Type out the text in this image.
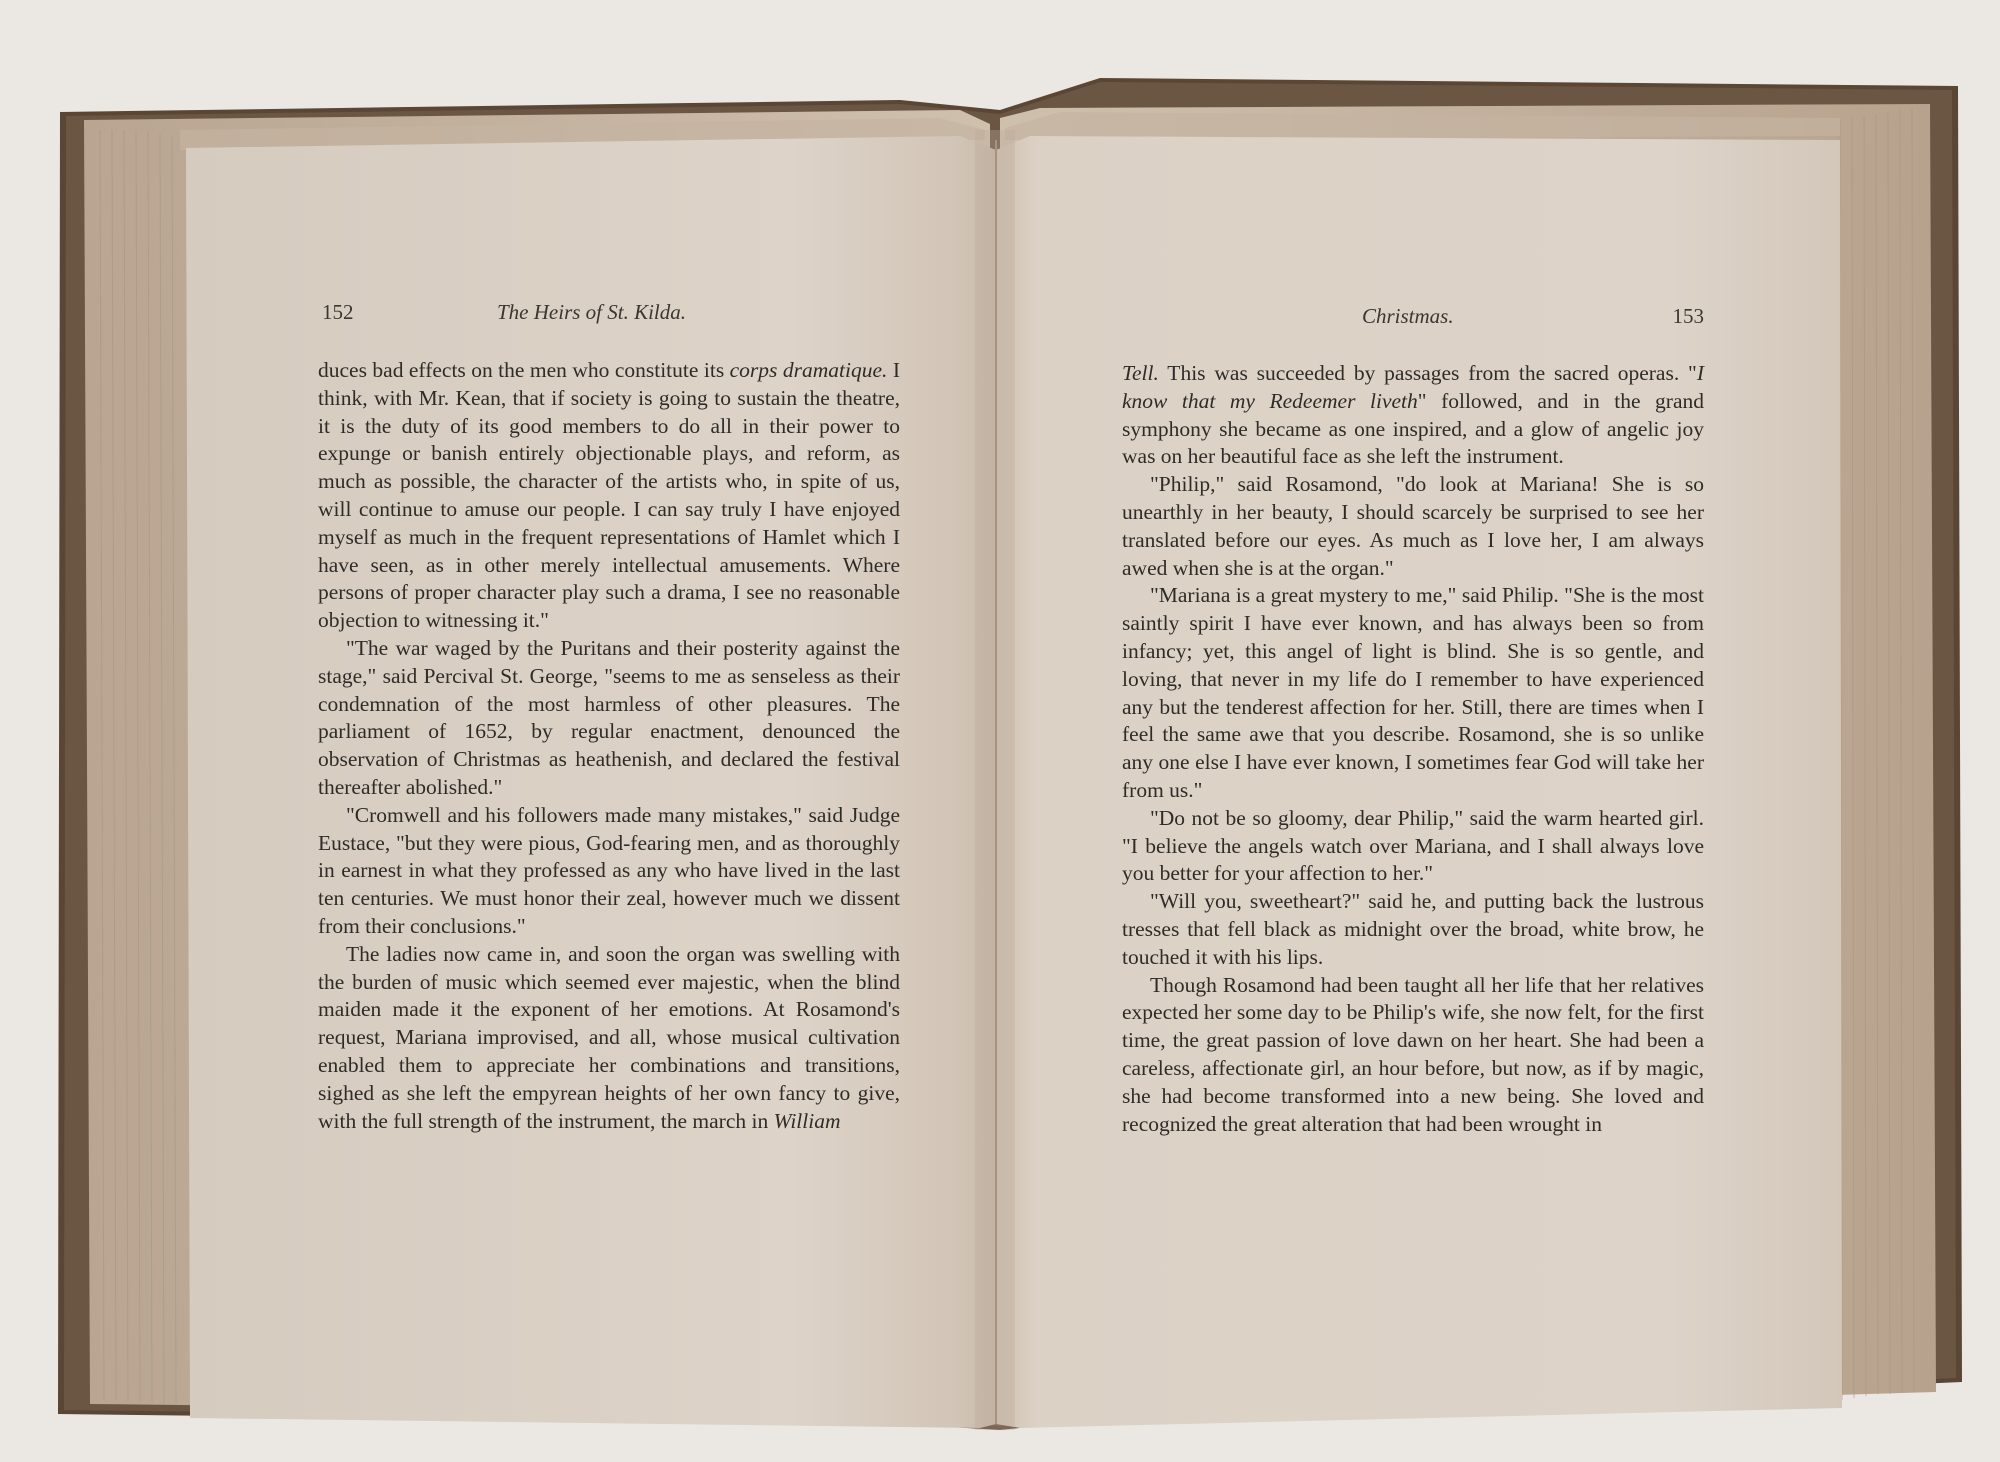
152	The Heirs of St. Kilda.

duces bad effects on the men who constitute its corps dramatique. I think, with Mr. Kean, that if society is going to sustain the theatre, it is the duty of its good members to do all in their power to expunge or banish entirely objectionable plays, and reform, as much as possible, the character of the artists who, in spite of us, will continue to amuse our people. I can say truly I have enjoyed myself as much in the frequent representations of Hamlet which I have seen, as in other merely intellectual amusements. Where persons of proper character play such a drama, I see no reasonable objection to witnessing it."

"The war waged by the Puritans and their posterity against the stage," said Percival St. George, "seems to me as senseless as their condemnation of the most harmless of other pleasures. The parliament of 1652, by regular enactment, denounced the observation of Christmas as heathenish, and declared the festival thereafter abolished."

"Cromwell and his followers made many mistakes," said Judge Eustace, "but they were pious, God-fearing men, and as thoroughly in earnest in what they professed as any who have lived in the last ten centuries. We must honor their zeal, however much we dissent from their conclusions."

The ladies now came in, and soon the organ was swelling with the burden of music which seemed ever majestic, when the blind maiden made it the exponent of her emotions. At Rosamond's request, Mariana improvised, and all, whose musical cultivation enabled them to appreciate her combinations and transitions, sighed as she left the empyrean heights of her own fancy to give, with the full strength of the instrument, the march in William

Christmas.	153

Tell. This was succeeded by passages from the sacred operas. "I know that my Redeemer liveth" followed, and in the grand symphony she became as one inspired, and a glow of angelic joy was on her beautiful face as she left the instrument.

"Philip," said Rosamond, "do look at Mariana! She is so unearthly in her beauty, I should scarcely be surprised to see her translated before our eyes. As much as I love her, I am always awed when she is at the organ."

"Mariana is a great mystery to me," said Philip. "She is the most saintly spirit I have ever known, and has always been so from infancy; yet, this angel of light is blind. She is so gentle, and loving, that never in my life do I remember to have experienced any but the tenderest affection for her. Still, there are times when I feel the same awe that you describe. Rosamond, she is so unlike any one else I have ever known, I sometimes fear God will take her from us."

"Do not be so gloomy, dear Philip," said the warm hearted girl. "I believe the angels watch over Mariana, and I shall always love you better for your affection to her."

"Will you, sweetheart?" said he, and putting back the lustrous tresses that fell black as midnight over the broad, white brow, he touched it with his lips.

Though Rosamond had been taught all her life that her relatives expected her some day to be Philip's wife, she now felt, for the first time, the great passion of love dawn on her heart. She had been a careless, affectionate girl, an hour before, but now, as if by magic, she had become transformed into a new being. She loved and recognized the great alteration that had been wrought in
